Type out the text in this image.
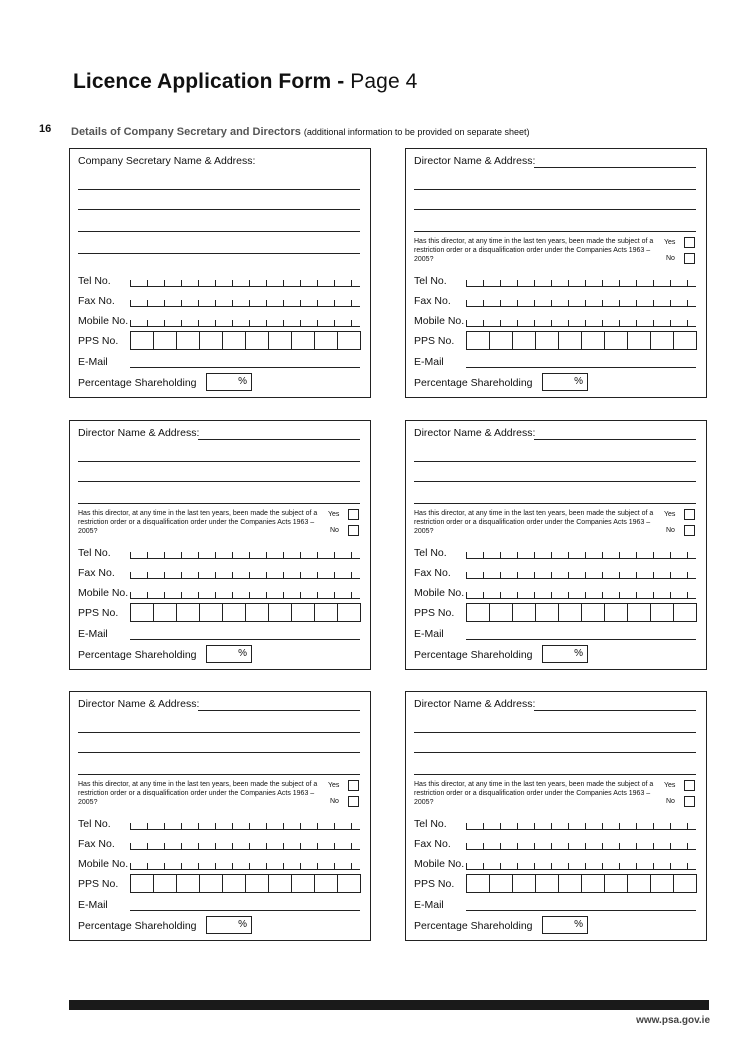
Licence Application Form - Page 4
16 Details of Company Secretary and Directors (additional information to be provided on separate sheet)
Company Secretary Name & Address:
Tel No.
Fax No.
Mobile No.
PPS No.
E-Mail
Percentage Shareholding	%
Director Name & Address:
Has this director, at any time in the last ten years, been made the subject of a restriction order or a disqualification order under the Companies Acts 1963 – 2005?
Yes
No
Tel No.
Fax No.
Mobile No.
PPS No.
E-Mail
Percentage Shareholding	%
Director Name & Address:
Has this director, at any time in the last ten years, been made the subject of a restriction order or a disqualification order under the Companies Acts 1963 – 2005?
Yes
No
Tel No.
Fax No.
Mobile No.
PPS No.
E-Mail
Percentage Shareholding	%
Director Name & Address:
Has this director, at any time in the last ten years, been made the subject of a restriction order or a disqualification order under the Companies Acts 1963 – 2005?
Yes
No
Tel No.
Fax No.
Mobile No.
PPS No.
E-Mail
Percentage Shareholding	%
Director Name & Address:
Has this director, at any time in the last ten years, been made the subject of a restriction order or a disqualification order under the Companies Acts 1963 – 2005?
Yes
No
Tel No.
Fax No.
Mobile No.
PPS No.
E-Mail
Percentage Shareholding	%
Director Name & Address:
Has this director, at any time in the last ten years, been made the subject of a restriction order or a disqualification order under the Companies Acts 1963 – 2005?
Yes
No
Tel No.
Fax No.
Mobile No.
PPS No.
E-Mail
Percentage Shareholding	%
www.psa.gov.ie
